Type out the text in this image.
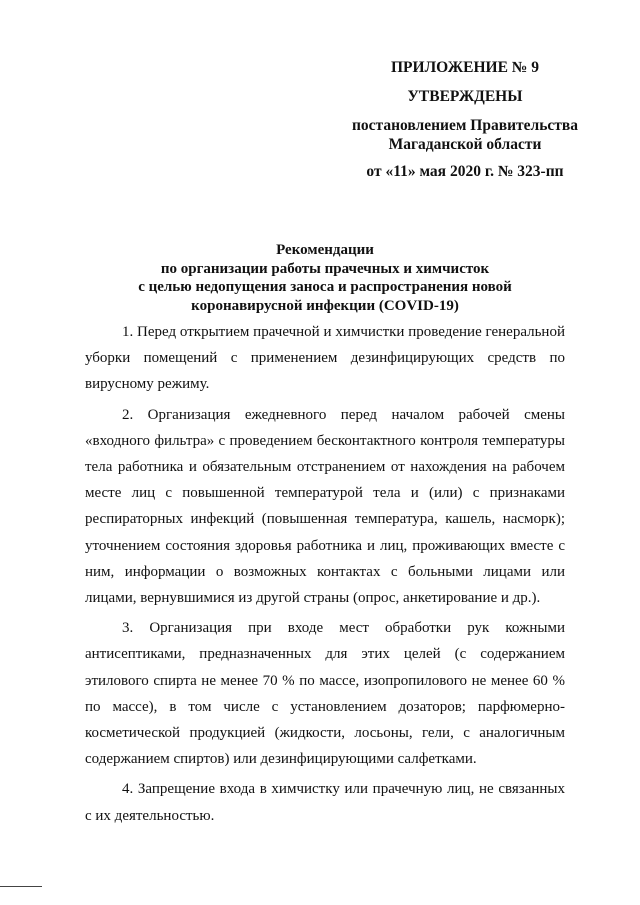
ПРИЛОЖЕНИЕ № 9
УТВЕРЖДЕНЫ
постановлением Правительства
Магаданской области
от «11» мая 2020 г. № 323-пп
Рекомендации
по организации работы прачечных и химчисток
с целью недопущения заноса и распространения новой
коронавирусной инфекции (COVID-19)

1. Перед открытием прачечной и химчистки проведение генеральной уборки помещений с применением дезинфицирующих средств по вирусному режиму.

2. Организация ежедневного перед началом рабочей смены «входного фильтра» с проведением бесконтактного контроля температуры тела работника и обязательным отстранением от нахождения на рабочем месте лиц с повышенной температурой тела и (или) с признаками респираторных инфекций (повышенная температура, кашель, насморк); уточнением состояния здоровья работника и лиц, проживающих вместе с ним, информации о возможных контактах с больными лицами или лицами, вернувшимися из другой страны (опрос, анкетирование и др.).

3. Организация при входе мест обработки рук кожными антисептиками, предназначенных для этих целей (с содержанием этилового спирта не менее 70 % по массе, изопропилового не менее 60 % по массе), в том числе с установлением дозаторов; парфюмерно-косметической продукцией (жидкости, лосьоны, гели, с аналогичным содержанием спиртов) или дезинфицирующими салфетками.

4. Запрещение входа в химчистку или прачечную лиц, не связанных с их деятельностью.
